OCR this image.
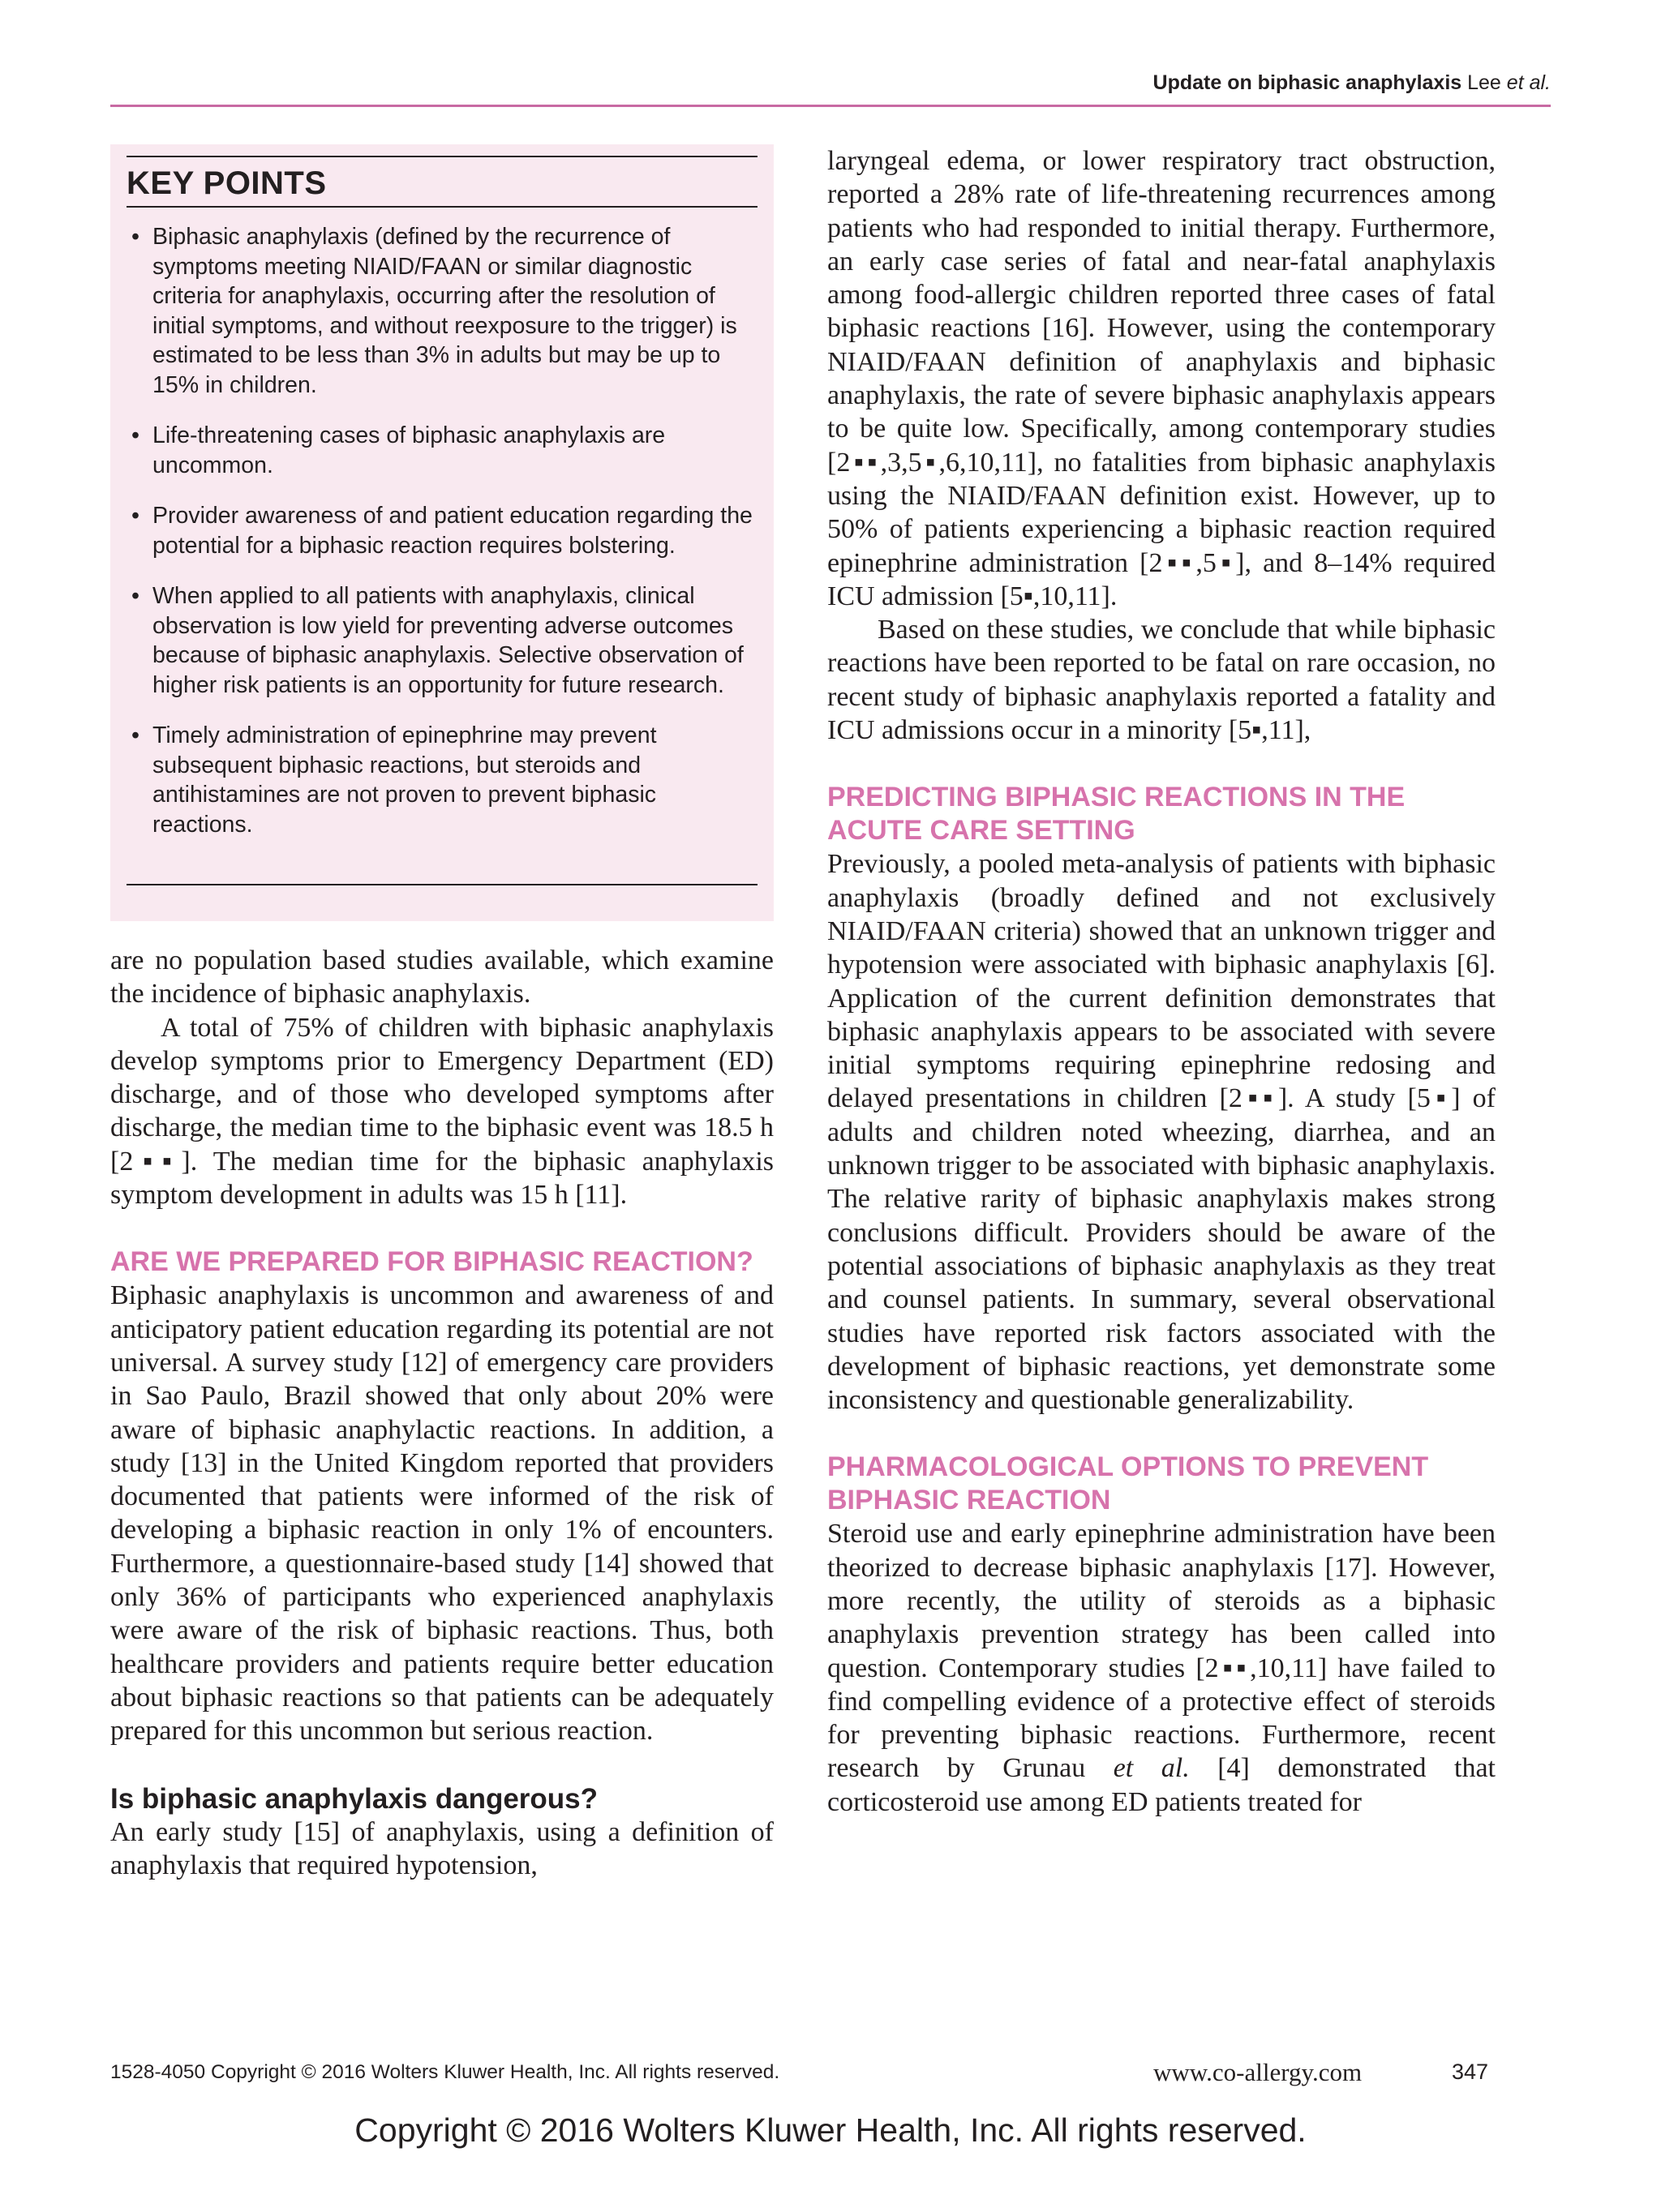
Update on biphasic anaphylaxis Lee et al.
KEY POINTS
• Biphasic anaphylaxis (defined by the recurrence of symptoms meeting NIAID/FAAN or similar diagnostic criteria for anaphylaxis, occurring after the resolution of initial symptoms, and without reexposure to the trigger) is estimated to be less than 3% in adults but may be up to 15% in children.
• Life-threatening cases of biphasic anaphylaxis are uncommon.
• Provider awareness of and patient education regarding the potential for a biphasic reaction requires bolstering.
• When applied to all patients with anaphylaxis, clinical observation is low yield for preventing adverse outcomes because of biphasic anaphylaxis. Selective observation of higher risk patients is an opportunity for future research.
• Timely administration of epinephrine may prevent subsequent biphasic reactions, but steroids and antihistamines are not proven to prevent biphasic reactions.

are no population based studies available, which examine the incidence of biphasic anaphylaxis.

A total of 75% of children with biphasic anaphylaxis develop symptoms prior to Emergency Department (ED) discharge, and of those who developed symptoms after discharge, the median time to the biphasic event was 18.5 h [2▪▪]. The median time for the biphasic anaphylaxis symptom development in adults was 15 h [11].

ARE WE PREPARED FOR BIPHASIC REACTION?

Biphasic anaphylaxis is uncommon and awareness of and anticipatory patient education regarding its potential are not universal. A survey study [12] of emergency care providers in Sao Paulo, Brazil showed that only about 20% were aware of biphasic anaphylactic reactions. In addition, a study [13] in the United Kingdom reported that providers documented that patients were informed of the risk of developing a biphasic reaction in only 1% of encounters. Furthermore, a questionnaire-based study [14] showed that only 36% of participants who experienced anaphylaxis were aware of the risk of biphasic reactions. Thus, both healthcare providers and patients require better education about biphasic reactions so that patients can be adequately prepared for this uncommon but serious reaction.

Is biphasic anaphylaxis dangerous?

An early study [15] of anaphylaxis, using a definition of anaphylaxis that required hypotension,

laryngeal edema, or lower respiratory tract obstruction, reported a 28% rate of life-threatening recurrences among patients who had responded to initial therapy. Furthermore, an early case series of fatal and near-fatal anaphylaxis among food-allergic children reported three cases of fatal biphasic reactions [16]. However, using the contemporary NIAID/FAAN definition of anaphylaxis and biphasic anaphylaxis, the rate of severe biphasic anaphylaxis appears to be quite low. Specifically, among contemporary studies [2▪▪,3,5▪,6,10,11], no fatalities from biphasic anaphylaxis using the NIAID/FAAN definition exist. However, up to 50% of patients experiencing a biphasic reaction required epinephrine administration [2▪▪,5▪], and 8–14% required ICU admission [5▪,10,11].

Based on these studies, we conclude that while biphasic reactions have been reported to be fatal on rare occasion, no recent study of biphasic anaphylaxis reported a fatality and ICU admissions occur in a minority [5▪,11],

PREDICTING BIPHASIC REACTIONS IN THE ACUTE CARE SETTING

Previously, a pooled meta-analysis of patients with biphasic anaphylaxis (broadly defined and not exclusively NIAID/FAAN criteria) showed that an unknown trigger and hypotension were associated with biphasic anaphylaxis [6]. Application of the current definition demonstrates that biphasic anaphylaxis appears to be associated with severe initial symptoms requiring epinephrine redosing and delayed presentations in children [2▪▪]. A study [5▪] of adults and children noted wheezing, diarrhea, and an unknown trigger to be associated with biphasic anaphylaxis. The relative rarity of biphasic anaphylaxis makes strong conclusions difficult. Providers should be aware of the potential associations of biphasic anaphylaxis as they treat and counsel patients. In summary, several observational studies have reported risk factors associated with the development of biphasic reactions, yet demonstrate some inconsistency and questionable generalizability.

PHARMACOLOGICAL OPTIONS TO PREVENT BIPHASIC REACTION

Steroid use and early epinephrine administration have been theorized to decrease biphasic anaphylaxis [17]. However, more recently, the utility of steroids as a biphasic anaphylaxis prevention strategy has been called into question. Contemporary studies [2▪▪,10,11] have failed to find compelling evidence of a protective effect of steroids for preventing biphasic reactions. Furthermore, recent research by Grunau et al. [4] demonstrated that corticosteroid use among ED patients treated for

1528-4050 Copyright © 2016 Wolters Kluwer Health, Inc. All rights reserved.	www.co-allergy.com	347
Copyright © 2016 Wolters Kluwer Health, Inc. All rights reserved.
